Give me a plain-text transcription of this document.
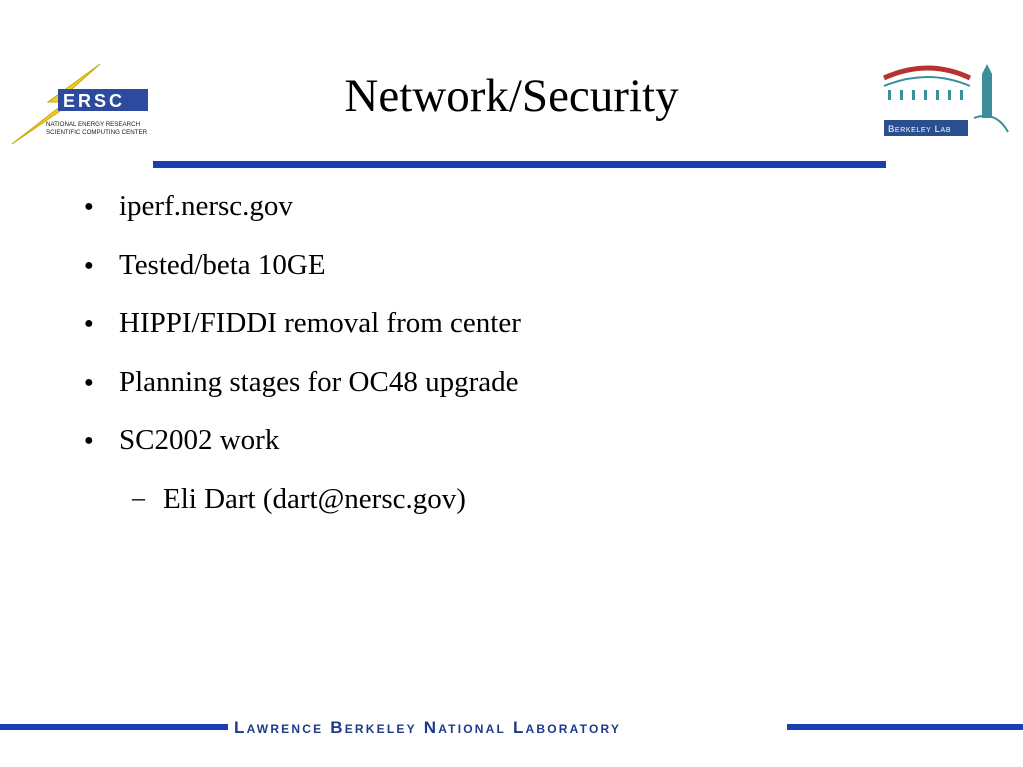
ERSC
NATIONAL ENERGY RESEARCH
SCIENTIFIC COMPUTING CENTER
Network/Security
Berkeley Lab
● iperf.nersc.gov
● Tested/beta 10GE
● HIPPI/FIDDI removal from center
● Planning stages for OC48 upgrade
● SC2002 work
– Eli Dart (dart@nersc.gov)
Lawrence Berkeley National Laboratory
